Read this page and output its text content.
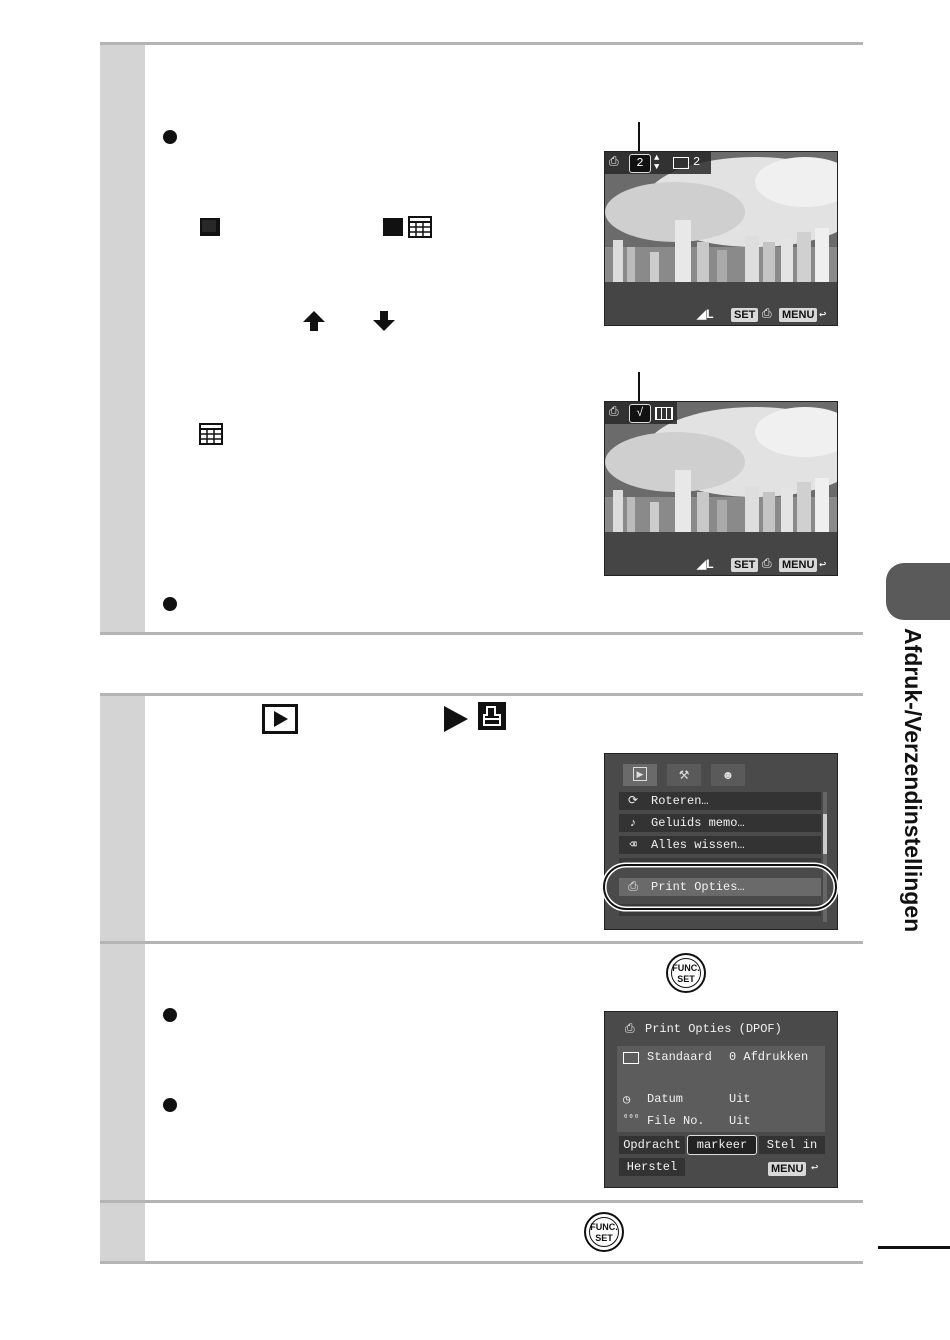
⎙	2	▲
▼	2
◢L SET ⎙ MENU ↩
⎙	√
◢L SET ⎙ MENU ↩
Afdruk-/Verzendinstellingen
▶	⚒	☻
⟳	Roteren…
♪	Geluids memo…
⌫	Alles wissen…
⎙	Print Opties…
FUNC.
SET
⎙ Print Opties (DPOF)
Standaard 0 Afdrukken
◷ Datum	Uit
⁰⁰⁰ File No. Uit
Opdracht	markeer	Stel in
Herstel	MENU ↩
FUNC.
SET
